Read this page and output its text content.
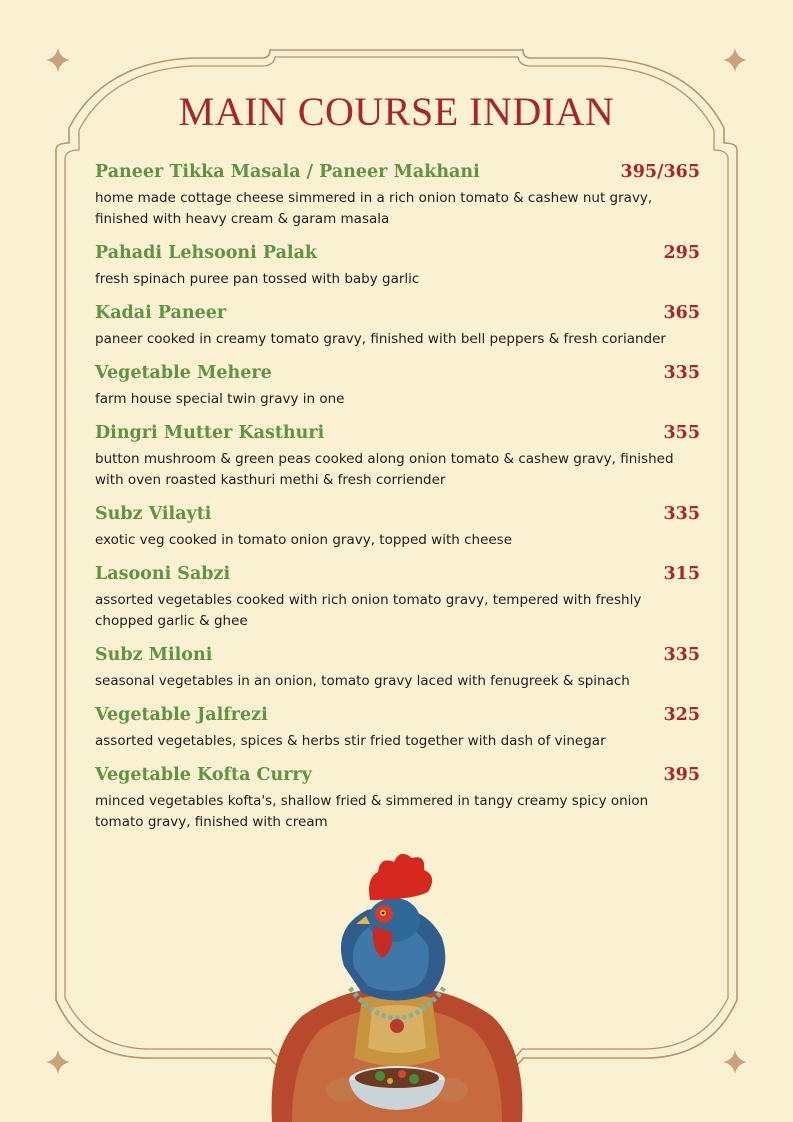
MAIN COURSE INDIAN
Paneer Tikka Masala / Paneer Makhani	395/365
home made cottage cheese simmered in a rich onion tomato & cashew nut gravy, finished with heavy cream & garam masala
Pahadi Lehsooni Palak	295
fresh spinach puree pan tossed with baby garlic
Kadai Paneer	365
paneer cooked in creamy tomato gravy, finished with bell peppers & fresh coriander
Vegetable Mehere	335
farm house special twin gravy in one
Dingri Mutter Kasthuri	355
button mushroom & green peas cooked along onion tomato & cashew gravy, finished with oven roasted kasthuri methi & fresh corriender
Subz Vilayti	335
exotic veg cooked in tomato onion gravy, topped with cheese
Lasooni Sabzi	315
assorted vegetables cooked with rich onion tomato gravy, tempered with freshly chopped garlic & ghee
Subz Miloni	335
seasonal vegetables in an onion, tomato gravy laced with fenugreek & spinach
Vegetable Jalfrezi	325
assorted vegetables, spices & herbs stir fried together with dash of vinegar
Vegetable Kofta Curry	395
minced vegetables kofta's, shallow fried & simmered in tangy creamy spicy onion tomato gravy, finished with cream
